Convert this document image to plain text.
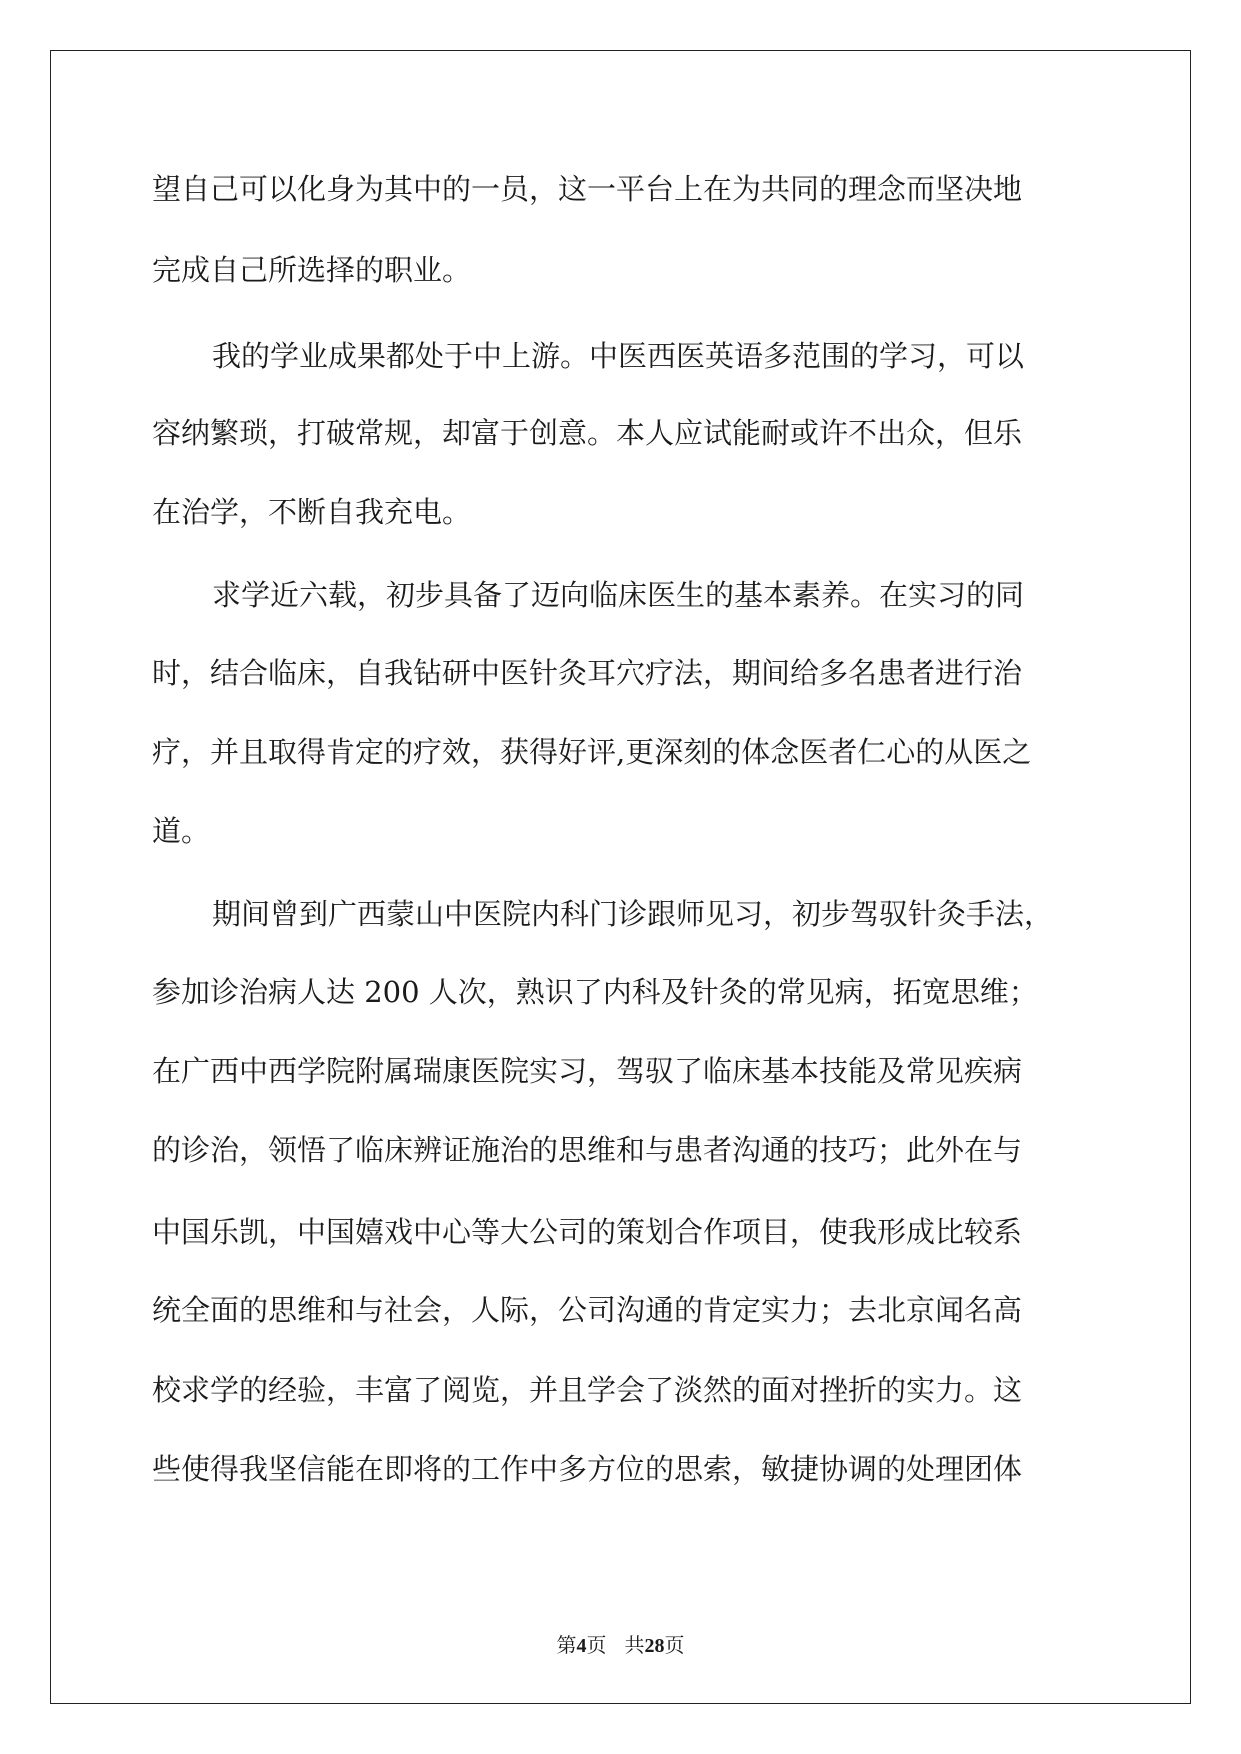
望自己可以化身为其中的一员，这一平台上在为共同的理念而坚决地
完成自己所选择的职业。
我的学业成果都处于中上游。中医西医英语多范围的学习，可以
容纳繁琐，打破常规，却富于创意。本人应试能耐或许不出众，但乐
在治学，不断自我充电。
求学近六载，初步具备了迈向临床医生的基本素养。在实习的同
时，结合临床，自我钻研中医针灸耳穴疗法，期间给多名患者进行治
疗，并且取得肯定的疗效，获得好评,更深刻的体念医者仁心的从医之
道。
期间曾到广西蒙山中医院内科门诊跟师见习，初步驾驭针灸手法，
参加诊治病人达 200 人次，熟识了内科及针灸的常见病，拓宽思维；
在广西中西学院附属瑞康医院实习，驾驭了临床基本技能及常见疾病
的诊治，领悟了临床辨证施治的思维和与患者沟通的技巧；此外在与
中国乐凯，中国嬉戏中心等大公司的策划合作项目，使我形成比较系
统全面的思维和与社会，人际，公司沟通的肯定实力；去北京闻名高
校求学的经验，丰富了阅览，并且学会了淡然的面对挫折的实力。这
些使得我坚信能在即将的工作中多方位的思索，敏捷协调的处理团体
第4页 共28页
